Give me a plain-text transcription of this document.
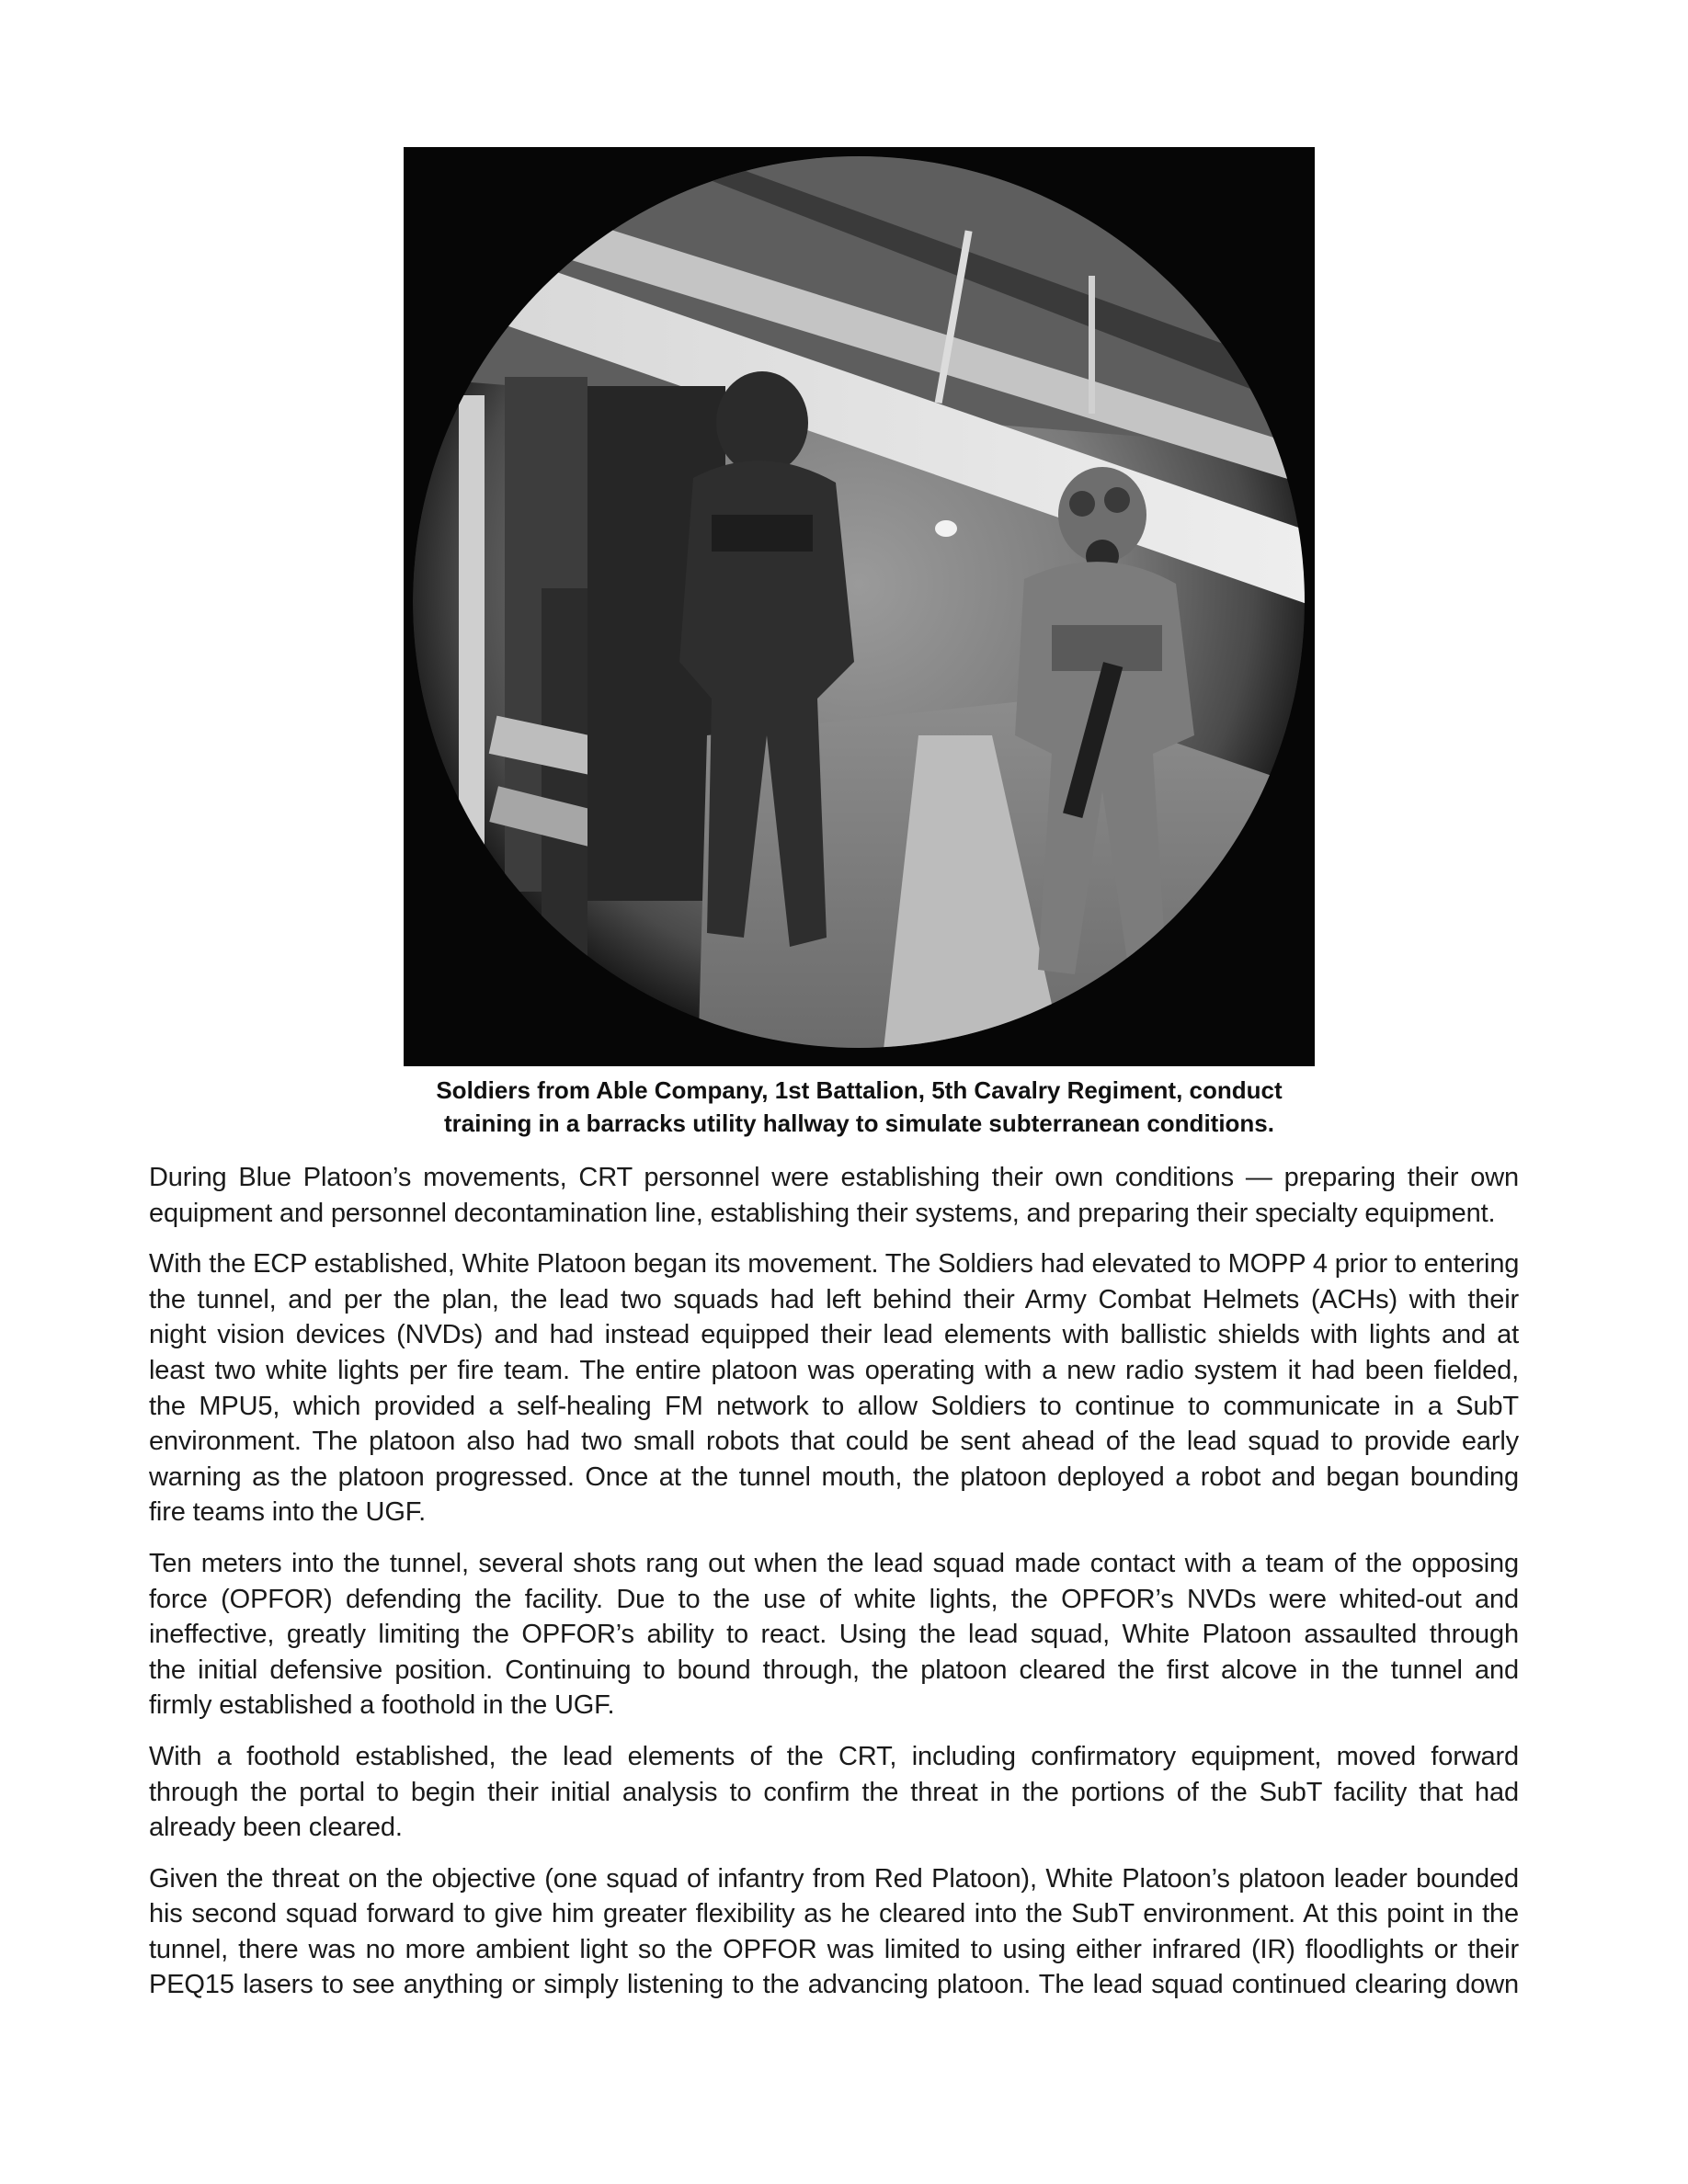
Soldiers from Able Company, 1st Battalion, 5th Cavalry Regiment, conduct
training in a barracks utility hallway to simulate subterranean conditions.

During Blue Platoon’s movements, CRT personnel were establishing their own conditions — preparing their own
equipment and personnel decontamination line, establishing their systems, and preparing their specialty equipment.

With the ECP established, White Platoon began its movement. The Soldiers had elevated to MOPP 4 prior to entering
the tunnel, and per the plan, the lead two squads had left behind their Army Combat Helmets (ACHs) with their
night vision devices (NVDs) and had instead equipped their lead elements with ballistic shields with lights and at
least two white lights per fire team. The entire platoon was operating with a new radio system it had been fielded,
the MPU5, which provided a self-healing FM network to allow Soldiers to continue to communicate in a SubT
environment. The platoon also had two small robots that could be sent ahead of the lead squad to provide early
warning as the platoon progressed. Once at the tunnel mouth, the platoon deployed a robot and began bounding
fire teams into the UGF.

Ten meters into the tunnel, several shots rang out when the lead squad made contact with a team of the opposing
force (OPFOR) defending the facility. Due to the use of white lights, the OPFOR’s NVDs were whited-out and
ineffective, greatly limiting the OPFOR’s ability to react. Using the lead squad, White Platoon assaulted through
the initial defensive position. Continuing to bound through, the platoon cleared the first alcove in the tunnel and
firmly established a foothold in the UGF.

With a foothold established, the lead elements of the CRT, including confirmatory equipment, moved forward
through the portal to begin their initial analysis to confirm the threat in the portions of the SubT facility that had
already been cleared.

Given the threat on the objective (one squad of infantry from Red Platoon), White Platoon’s platoon leader bounded
his second squad forward to give him greater flexibility as he cleared into the SubT environment. At this point in the
tunnel, there was no more ambient light so the OPFOR was limited to using either infrared (IR) floodlights or their
PEQ15 lasers to see anything or simply listening to the advancing platoon. The lead squad continued clearing down
